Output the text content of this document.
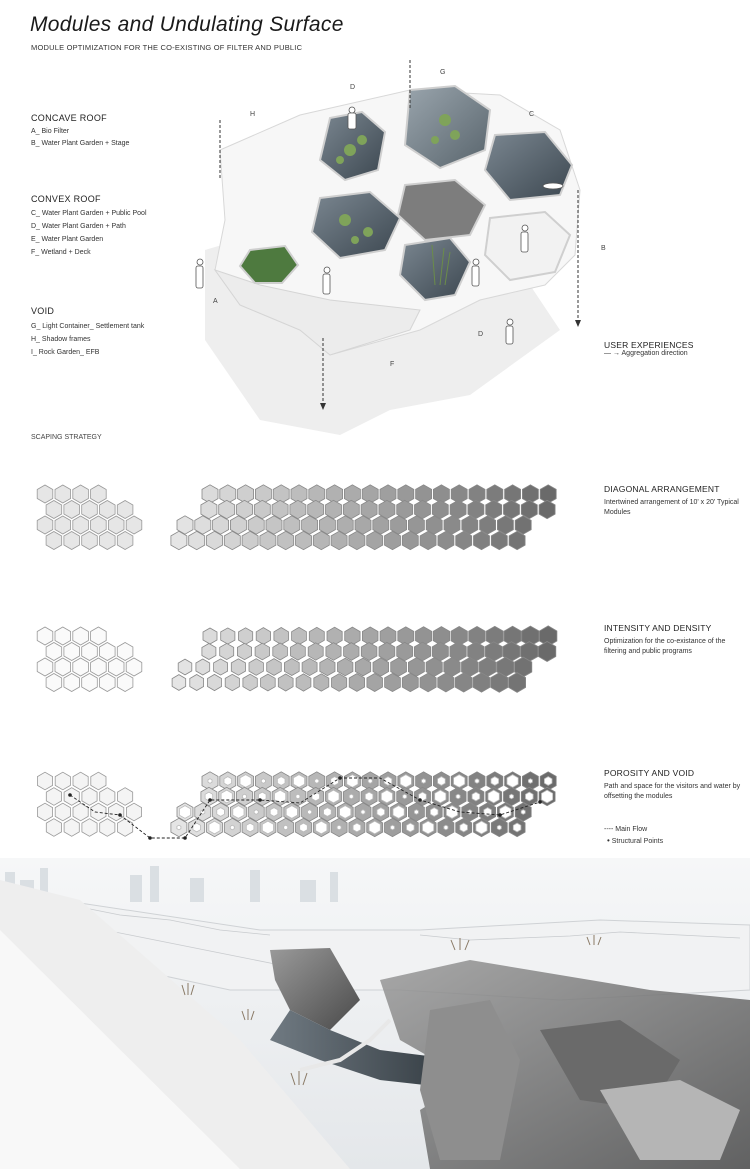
Modules and Undulating Surface
MODULE OPTIMIZATION FOR THE CO-EXISTING OF FILTER AND PUBLIC
CONCAVE ROOF
A_ Bio Filter
B_ Water Plant Garden + Stage
CONVEX ROOF
C_ Water Plant Garden + Public Pool
D_ Water Plant Garden + Path
E_ Water Plant Garden
F_ Wetland + Deck
VOID
G_ Light Container_ Settlement tank
H_ Shadow frames
I_ Rock Garden_ EFB
H
D
G
C
B
A
D
F
USER EXPERIENCES
— → Aggregation direction
SCAPING STRATEGY
DIAGONAL ARRANGEMENT
Intertwined arrangement of 10' x 20' Typical Modules
INTENSITY AND DENSITY
Optimization for the co-existance of the filtering and public programs
POROSITY AND VOID
Path and space for the visitors and water by offsetting the modules
---- Main Flow
• Structural Points
